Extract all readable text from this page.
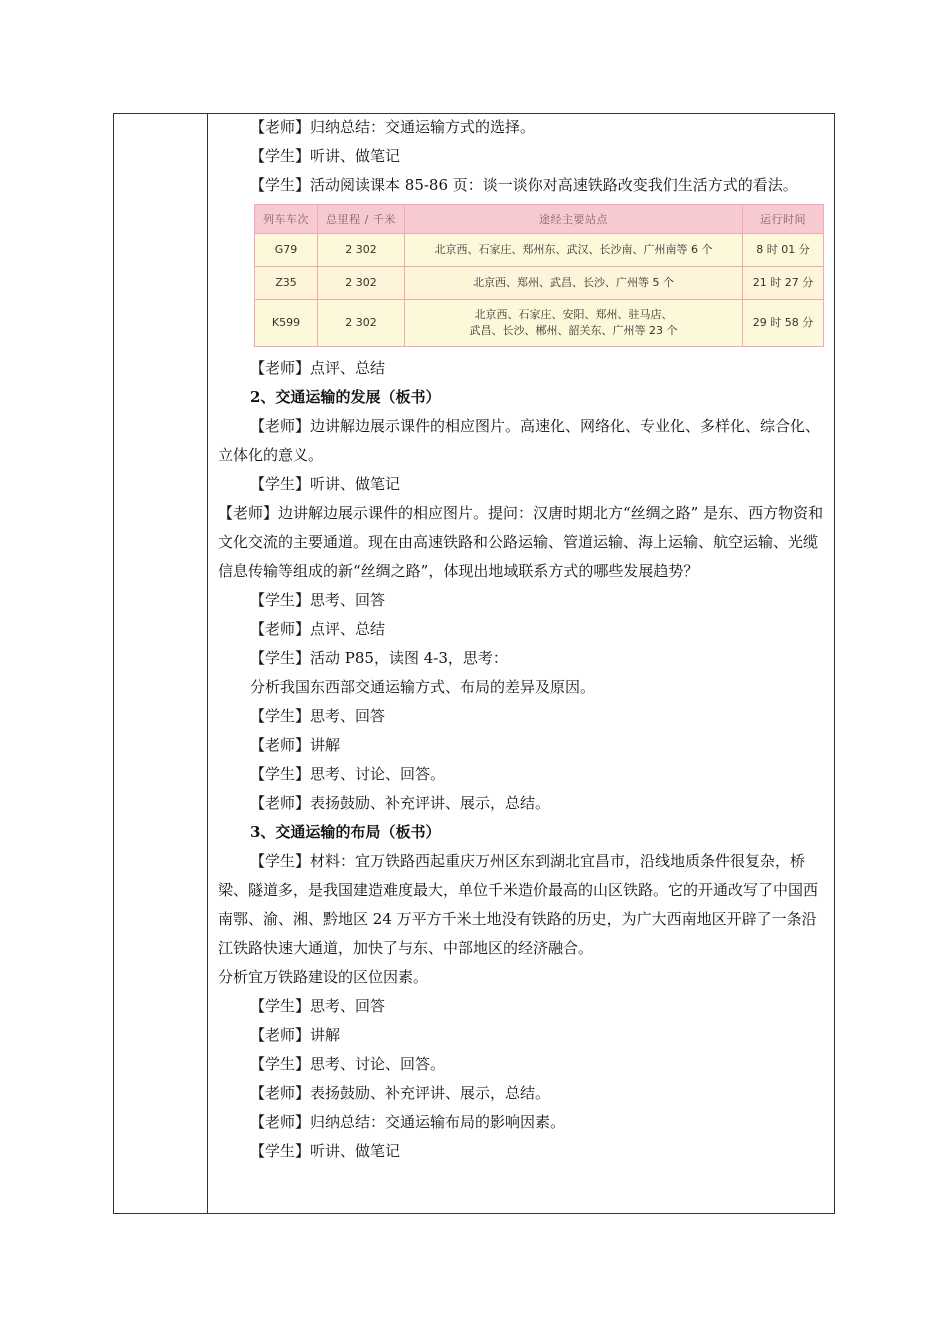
【老师】归纳总结：交通运输方式的选择。

【学生】听讲、做笔记

【学生】活动阅读课本 85-86 页：谈一谈你对高速铁路改变我们生活方式的看法。

列车车次	总里程 / 千米	途经主要站点	运行时间
G79	2 302	北京西、石家庄、郑州东、武汉、长沙南、广州南等 6 个	8 时 01 分
Z35	2 302	北京西、郑州、武昌、长沙、广州等 5 个	21 时 27 分
K599	2 302	北京西、石家庄、安阳、郑州、驻马店、
武昌、长沙、郴州、韶关东、广州等 23 个	29 时 58 分

【老师】点评、总结

2、交通运输的发展（板书）

【老师】边讲解边展示课件的相应图片。高速化、网络化、专业化、多样化、综合化、立体化的意义。

【学生】听讲、做笔记

【老师】边讲解边展示课件的相应图片。提问：汉唐时期北方“丝绸之路” 是东、西方物资和文化交流的主要通道。现在由高速铁路和公路运输、管道运输、海上运输、航空运输、光缆信息传输等组成的新“丝绸之路”，体现出地域联系方式的哪些发展趋势？

【学生】思考、回答

【老师】点评、总结

【学生】活动 P85，读图 4-3，思考：

分析我国东西部交通运输方式、布局的差异及原因。

【学生】思考、回答

【老师】讲解

【学生】思考、讨论、回答。

【老师】表扬鼓励、补充评讲、展示，总结。

3、交通运输的布局（板书）

【学生】材料：宜万铁路西起重庆万州区东到湖北宜昌市，沿线地质条件很复杂，桥梁、隧道多，是我国建造难度最大，单位千米造价最高的山区铁路。它的开通改写了中国西南鄂、渝、湘、黔地区 24 万平方千米土地没有铁路的历史，为广大西南地区开辟了一条沿江铁路快速大通道，加快了与东、中部地区的经济融合。

分析宜万铁路建设的区位因素。

【学生】思考、回答

【老师】讲解

【学生】思考、讨论、回答。

【老师】表扬鼓励、补充评讲、展示，总结。

【老师】归纳总结：交通运输布局的影响因素。

【学生】听讲、做笔记
